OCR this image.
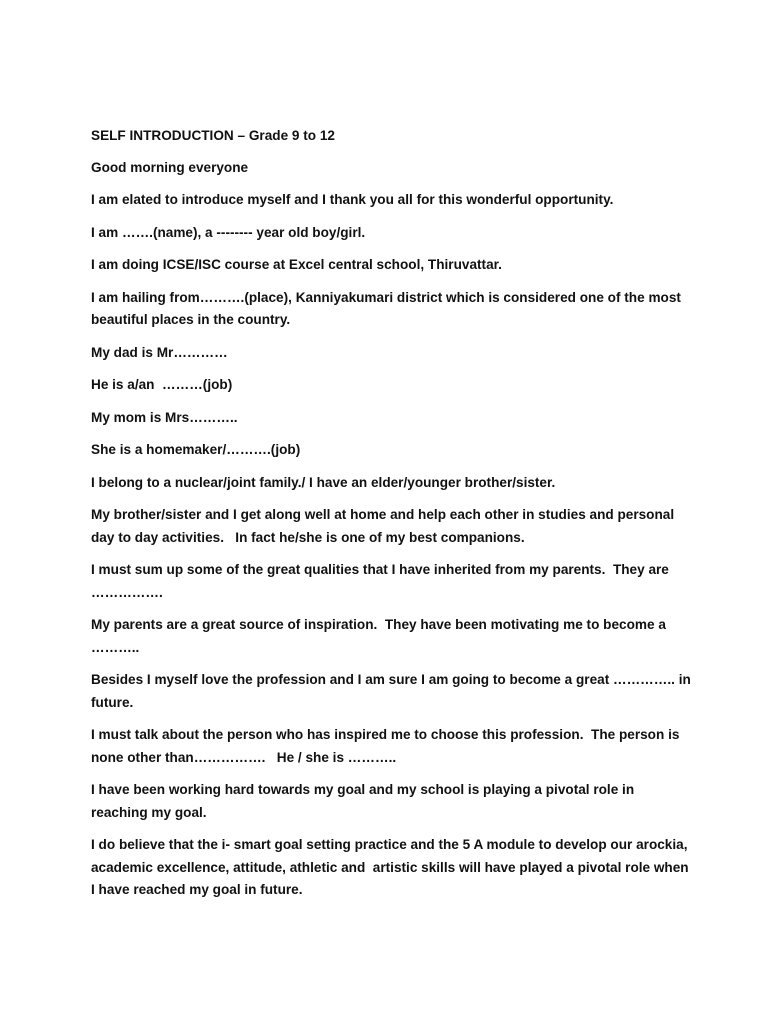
SELF INTRODUCTION – Grade 9 to 12

Good morning everyone

I am elated to introduce myself and I thank you all for this wonderful opportunity.

I am …….(name), a -------- year old boy/girl.

I am doing ICSE/ISC course at Excel central school, Thiruvattar.

I am hailing from……….(place), Kanniyakumari district which is considered one of the most beautiful places in the country.

My dad is Mr…………

He is a/an  ………(job)

My mom is Mrs………..

She is a homemaker/……….(job)

I belong to a nuclear/joint family./ I have an elder/younger brother/sister.

My brother/sister and I get along well at home and help each other in studies and personal day to day activities.   In fact he/she is one of my best companions.

I must sum up some of the great qualities that I have inherited from my parents.  They are …………….

My parents are a great source of inspiration.  They have been motivating me to become a ………..

Besides I myself love the profession and I am sure I am going to become a great ………….. in future.

I must talk about the person who has inspired me to choose this profession.  The person is none other than…………….   He / she is ………..

I have been working hard towards my goal and my school is playing a pivotal role in reaching my goal.

I do believe that the i- smart goal setting practice and the 5 A module to develop our arockia,  academic excellence, attitude, athletic and  artistic skills will have played a pivotal role when I have reached my goal in future.
